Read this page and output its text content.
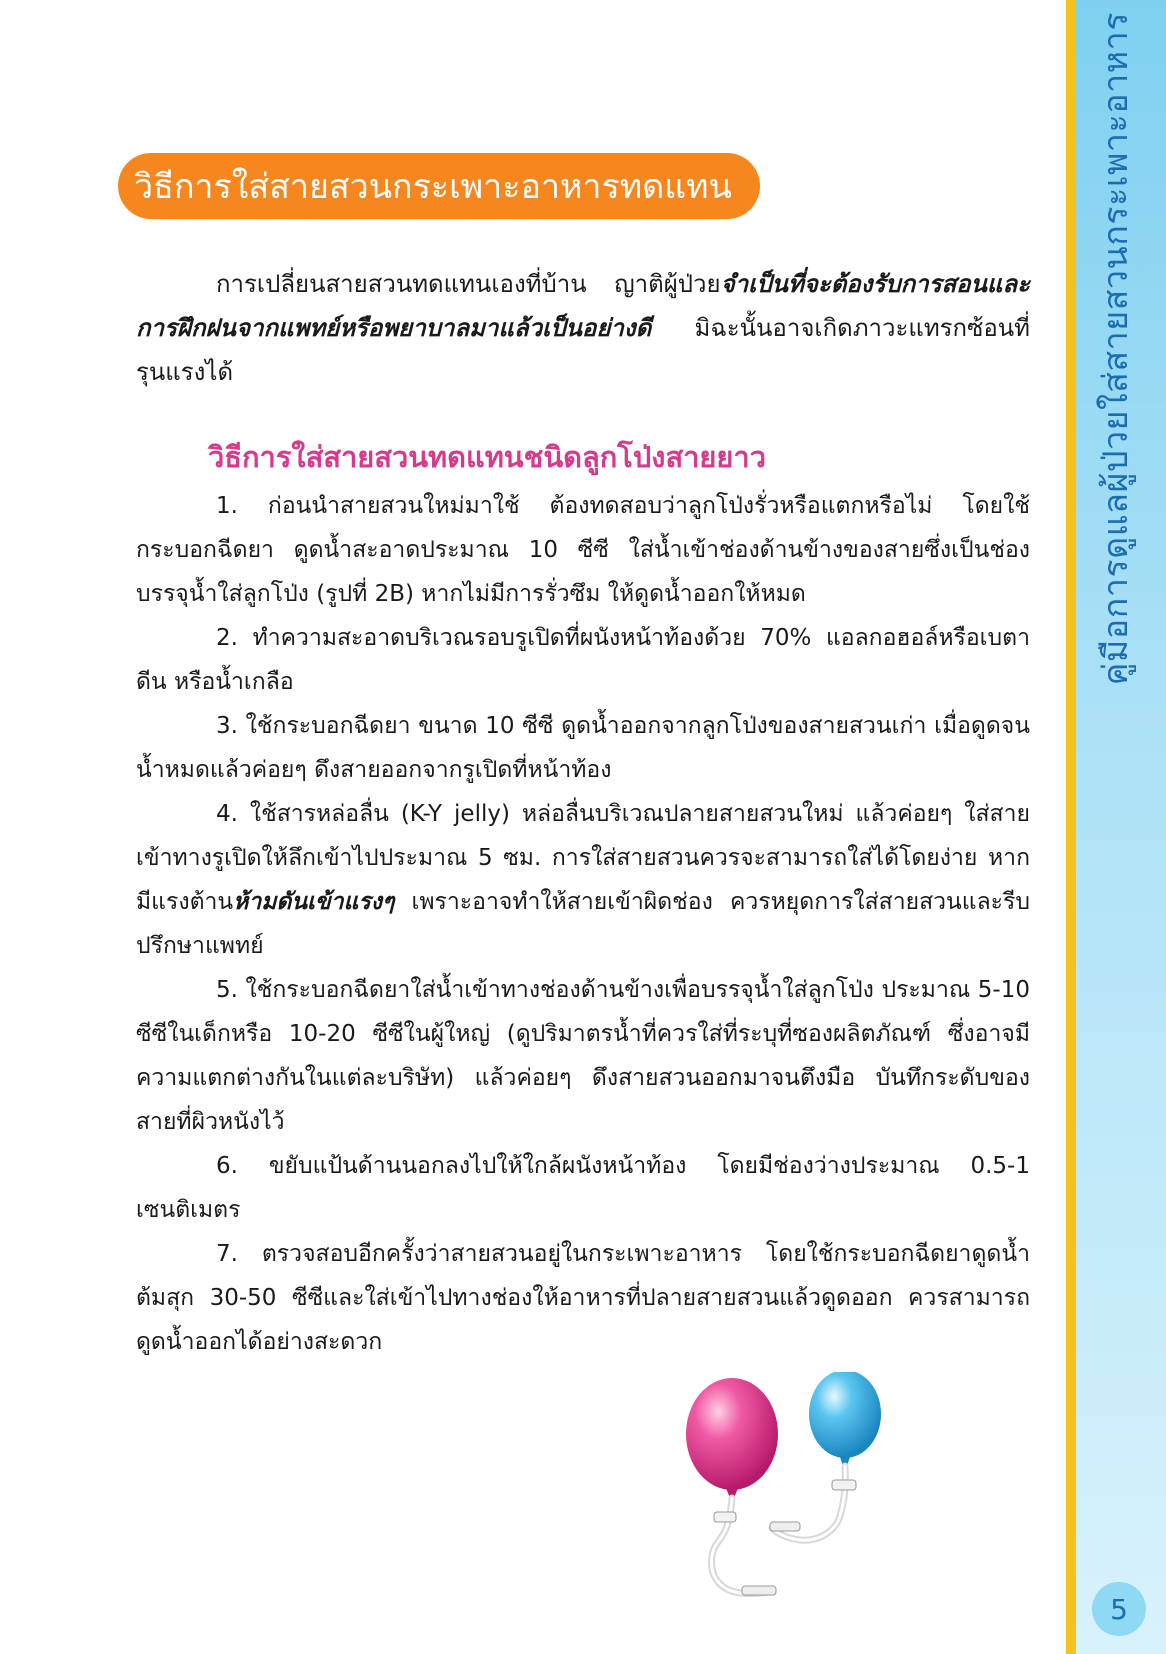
คู่มือการดูแลผู้ป่วยใส่สายสวนกระเพาะอาหาร
5
วิธีการใส่สายสวนกระเพาะอาหารทดแทน
การเปลี่ยนสายสวนทดแทนเองที่บ้าน ญาติผู้ป่วยจำเป็นที่จะต้องรับการสอนและการฝึกฝนจากแพทย์หรือพยาบาลมาแล้วเป็นอย่างดี มิฉะนั้นอาจเกิดภาวะแทรกซ้อนที่รุนแรงได้
วิธีการใส่สายสวนทดแทนชนิดลูกโป่งสายยาว

1. ก่อนนำสายสวนใหม่มาใช้ ต้องทดสอบว่าลูกโป่งรั่วหรือแตกหรือไม่ โดยใช้กระบอกฉีดยา ดูดน้ำสะอาดประมาณ 10 ซีซี ใส่น้ำเข้าช่องด้านข้างของสายซึ่งเป็นช่องบรรจุน้ำใส่ลูกโป่ง (รูปที่ 2B) หากไม่มีการรั่วซึม ให้ดูดน้ำออกให้หมด

2. ทำความสะอาดบริเวณรอบรูเปิดที่ผนังหน้าท้องด้วย 70% แอลกอฮอล์หรือเบตาดีน หรือน้ำเกลือ

3. ใช้กระบอกฉีดยา ขนาด 10 ซีซี ดูดน้ำออกจากลูกโป่งของสายสวนเก่า เมื่อดูดจนน้ำหมดแล้วค่อยๆ ดึงสายออกจากรูเปิดที่หน้าท้อง

4. ใช้สารหล่อลื่น (K-Y jelly) หล่อลื่นบริเวณปลายสายสวนใหม่ แล้วค่อยๆ ใส่สายเข้าทางรูเปิดให้ลึกเข้าไปประมาณ 5 ซม. การใส่สายสวนควรจะสามารถใส่ได้โดยง่าย หากมีแรงต้านห้ามดันเข้าแรงๆ เพราะอาจทำให้สายเข้าผิดช่อง ควรหยุดการใส่สายสวนและรีบปรึกษาแพทย์

5. ใช้กระบอกฉีดยาใส่น้ำเข้าทางช่องด้านข้างเพื่อบรรจุน้ำใส่ลูกโป่ง ประมาณ 5-10 ซีซีในเด็กหรือ 10-20 ซีซีในผู้ใหญ่ (ดูปริมาตรน้ำที่ควรใส่ที่ระบุที่ซองผลิตภัณฑ์ ซึ่งอาจมีความแตกต่างกันในแต่ละบริษัท) แล้วค่อยๆ ดึงสายสวนออกมาจนตึงมือ บันทึกระดับของสายที่ผิวหนังไว้

6. ขยับแป้นด้านนอกลงไปให้ใกล้ผนังหน้าท้อง โดยมีช่องว่างประมาณ 0.5-1 เซนติเมตร

7. ตรวจสอบอีกครั้งว่าสายสวนอยู่ในกระเพาะอาหาร โดยใช้กระบอกฉีดยาดูดน้ำต้มสุก 30-50 ซีซีและใส่เข้าไปทางช่องให้อาหารที่ปลายสายสวนแล้วดูดออก ควรสามารถดูดน้ำออกได้อย่างสะดวก
